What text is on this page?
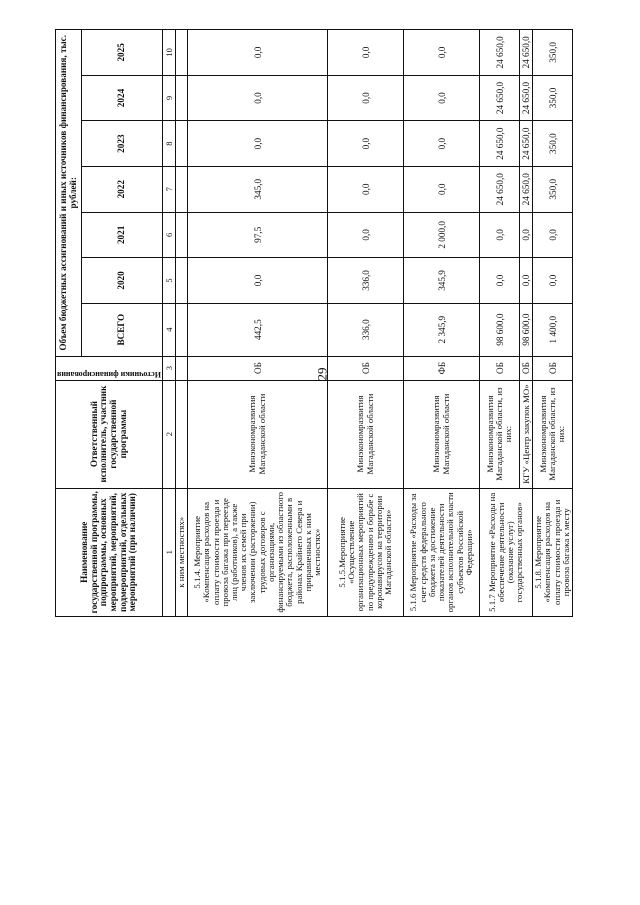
29
Наименование государственной программы, подпрограммы, основных мероприятий, мероприятий, подмероприятий, отдельных мероприятий (при наличии)	Ответственный исполнитель, участник государственной программы	Источники финансирования	Объем бюджетных ассигнований и иных источников финансирования, тыс. рублей:						
			ВСЕГО	2020	2021	2022	2023	2024	2025
1	2	3	4	5	6	7	8	9	10
к ним местностях»									
5.1.4. Мероприятие «Компенсация расходов на оплату стоимости проезда и провоза багажа при переезде лиц (работников), а также членов их семей при заключении (расторжении) трудовых договоров с организациями, финансируемыми из областного бюджета, расположенными в районах Крайнего Севера и приравненных к ним местностях»	Минэкономразвития Магаданской области	ОБ	442,5	0,0	97,5	345,0	0,0	0,0	0,0
5.1.5.Мероприятие «Осуществление организационных мероприятий по предупреждению и борьбе с коронавирусом на территории Магаданской области»	Минэкономразвития Магаданской области	ОБ	336,0	336,0	0,0	0,0	0,0	0,0	0,0
5.1.6 Мероприятие «Расходы за счет средств федерального бюджета за достижение показателей деятельности органов исполнительной власти субъектов Российской Федерации»	Минэкономразвития Магаданской области	ФБ	2 345,9	345,9	2 000,0	0,0	0,0	0,0	0,0
5.1.7 Мероприятие «Расходы на обеспечение деятельности (оказание услуг) государственных органов»	Минэкономразвития Магаданской области, из них:	ОБ	98 600,0	0,0	0,0	24 650,0	24 650,0	24 650,0	24 650,0
	КГУ «Центр закупок МО»	ОБ	98 600,0	0,0	0,0	24 650,0	24 650,0	24 650,0	24 650,0
5.1.8. Мероприятие «Компенсация расходов на оплату стоимости проезда и провоза багажа к месту	Минэкономразвития Магаданской области, из них:	ОБ	1 400,0	0,0	0,0	350,0	350,0	350,0	350,0
